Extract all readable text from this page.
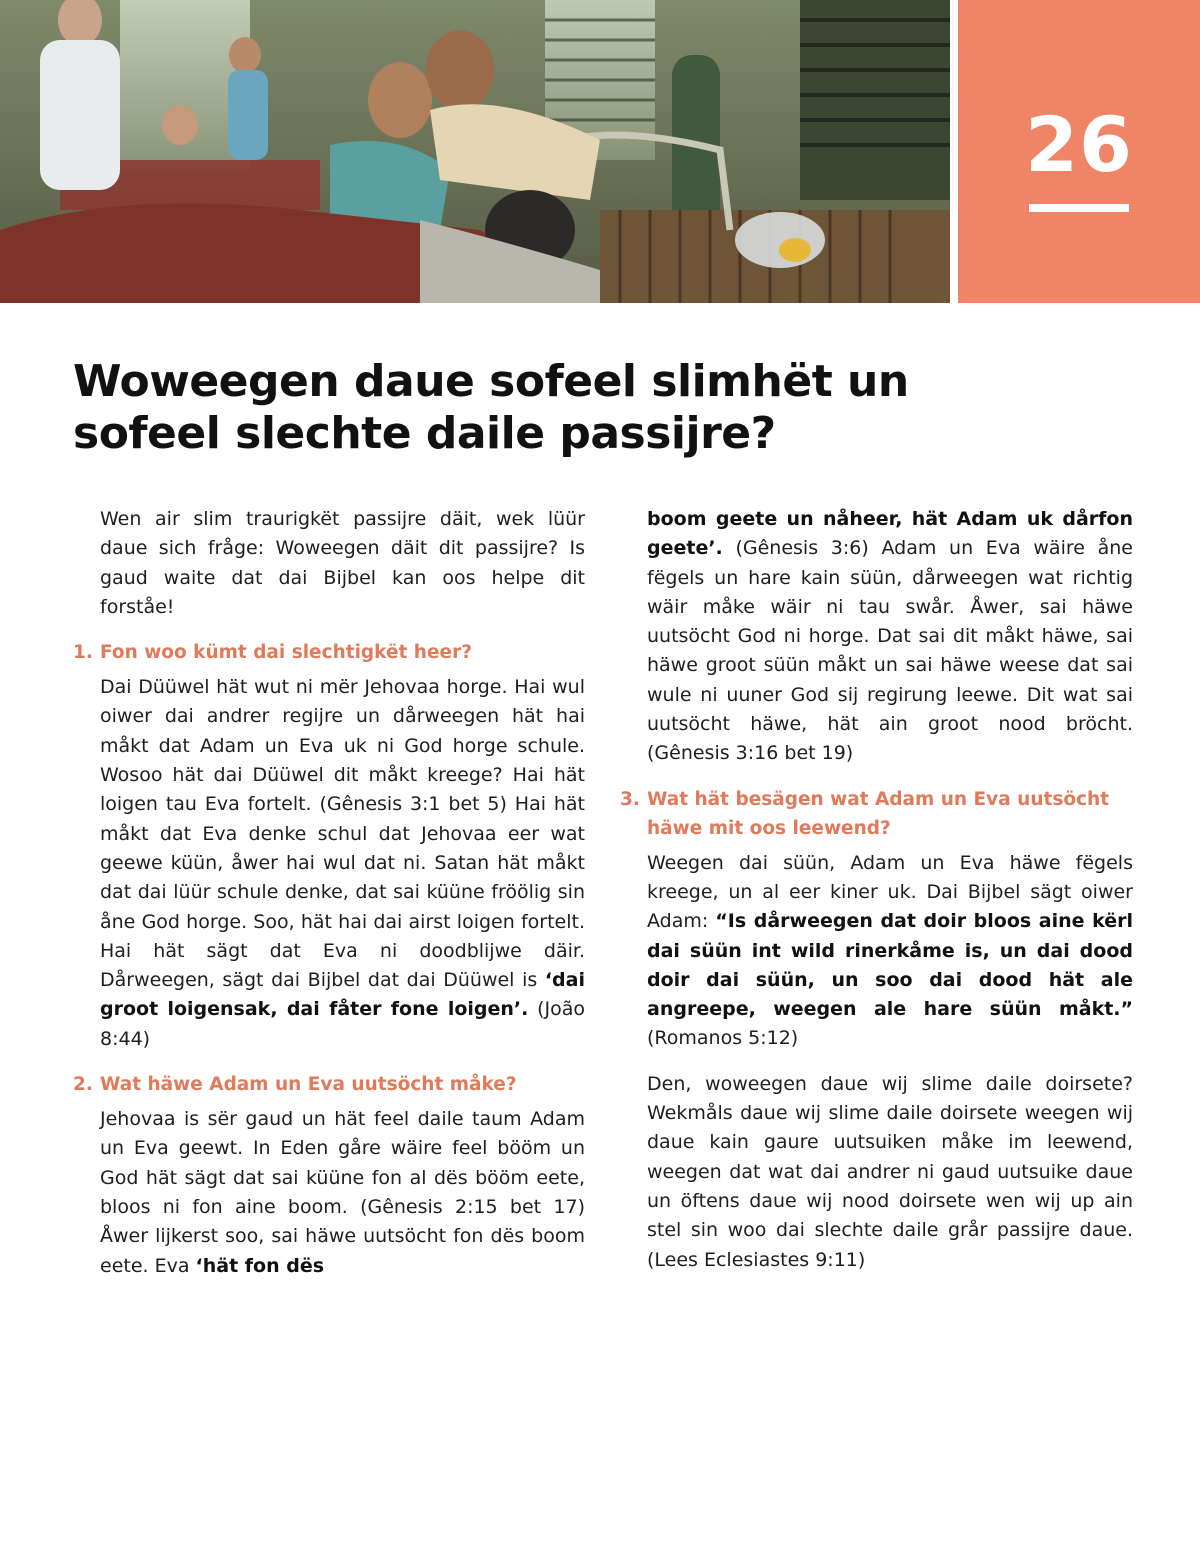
26
Woweegen daue sofeel slimhët un sofeel slechte daile passijre?

Wen air slim traurigkët passijre däit, wek lüür daue sich fråge: Woweegen däit dit passijre? Is gaud waite dat dai Bijbel kan oos helpe dit forståe!

1. Fon woo kümt dai slechtigkët heer?

Dai Düüwel hät wut ni mër Jehovaa horge. Hai wul oiwer dai andrer regijre un dårweegen hät hai måkt dat Adam un Eva uk ni God horge schule. Wosoo hät dai Düüwel dit måkt kreege? Hai hät loigen tau Eva fortelt. (Gênesis 3:1 bet 5) Hai hät måkt dat Eva denke schul dat Jehovaa eer wat geewe küün, åwer hai wul dat ni. Satan hät måkt dat dai lüür schule denke, dat sai küüne fröölig sin åne God horge. Soo, hät hai dai airst loigen fortelt. Hai hät sägt dat Eva ni doodblijwe däir. Dårweegen, sägt dai Bijbel dat dai Düüwel is ‘dai groot loigensak, dai fåter fone loigen’. (João 8:44)

2. Wat häwe Adam un Eva uutsöcht måke?

Jehovaa is sër gaud un hät feel daile taum Adam un Eva geewt. In Eden gåre wäire feel bööm un God hät sägt dat sai küüne fon al dës bööm eete, bloos ni fon aine boom. (Gênesis 2:15 bet 17) Åwer lijkerst soo, sai häwe uutsöcht fon dës boom eete. Eva ‘hät fon dës

boom geete un nåheer, hät Adam uk dårfon geete’. (Gênesis 3:6) Adam un Eva wäire åne fëgels un hare kain süün, dårweegen wat richtig wäir måke wäir ni tau swår. Åwer, sai häwe uutsöcht God ni horge. Dat sai dit måkt häwe, sai häwe groot süün måkt un sai häwe weese dat sai wule ni uuner God sij regirung leewe. Dit wat sai uutsöcht häwe, hät ain groot nood bröcht. (Gênesis 3:16 bet 19)

3. Wat hät besägen wat Adam un Eva uutsöcht häwe mit oos leewend?

Weegen dai süün, Adam un Eva häwe fëgels kreege, un al eer kiner uk. Dai Bijbel sägt oiwer Adam: “Is dårweegen dat doir bloos aine kërl dai süün int wild rinerkåme is, un dai dood doir dai süün, un soo dai dood hät ale angreepe, weegen ale hare süün måkt.” (Romanos 5:12)

Den, woweegen daue wij slime daile doirsete? Wekmåls daue wij slime daile doirsete weegen wij daue kain gaure uutsuiken måke im leewend, weegen dat wat dai andrer ni gaud uutsuike daue un öftens daue wij nood doirsete wen wij up ain stel sin woo dai slechte daile grår passijre daue. (Lees Eclesiastes 9:11)
